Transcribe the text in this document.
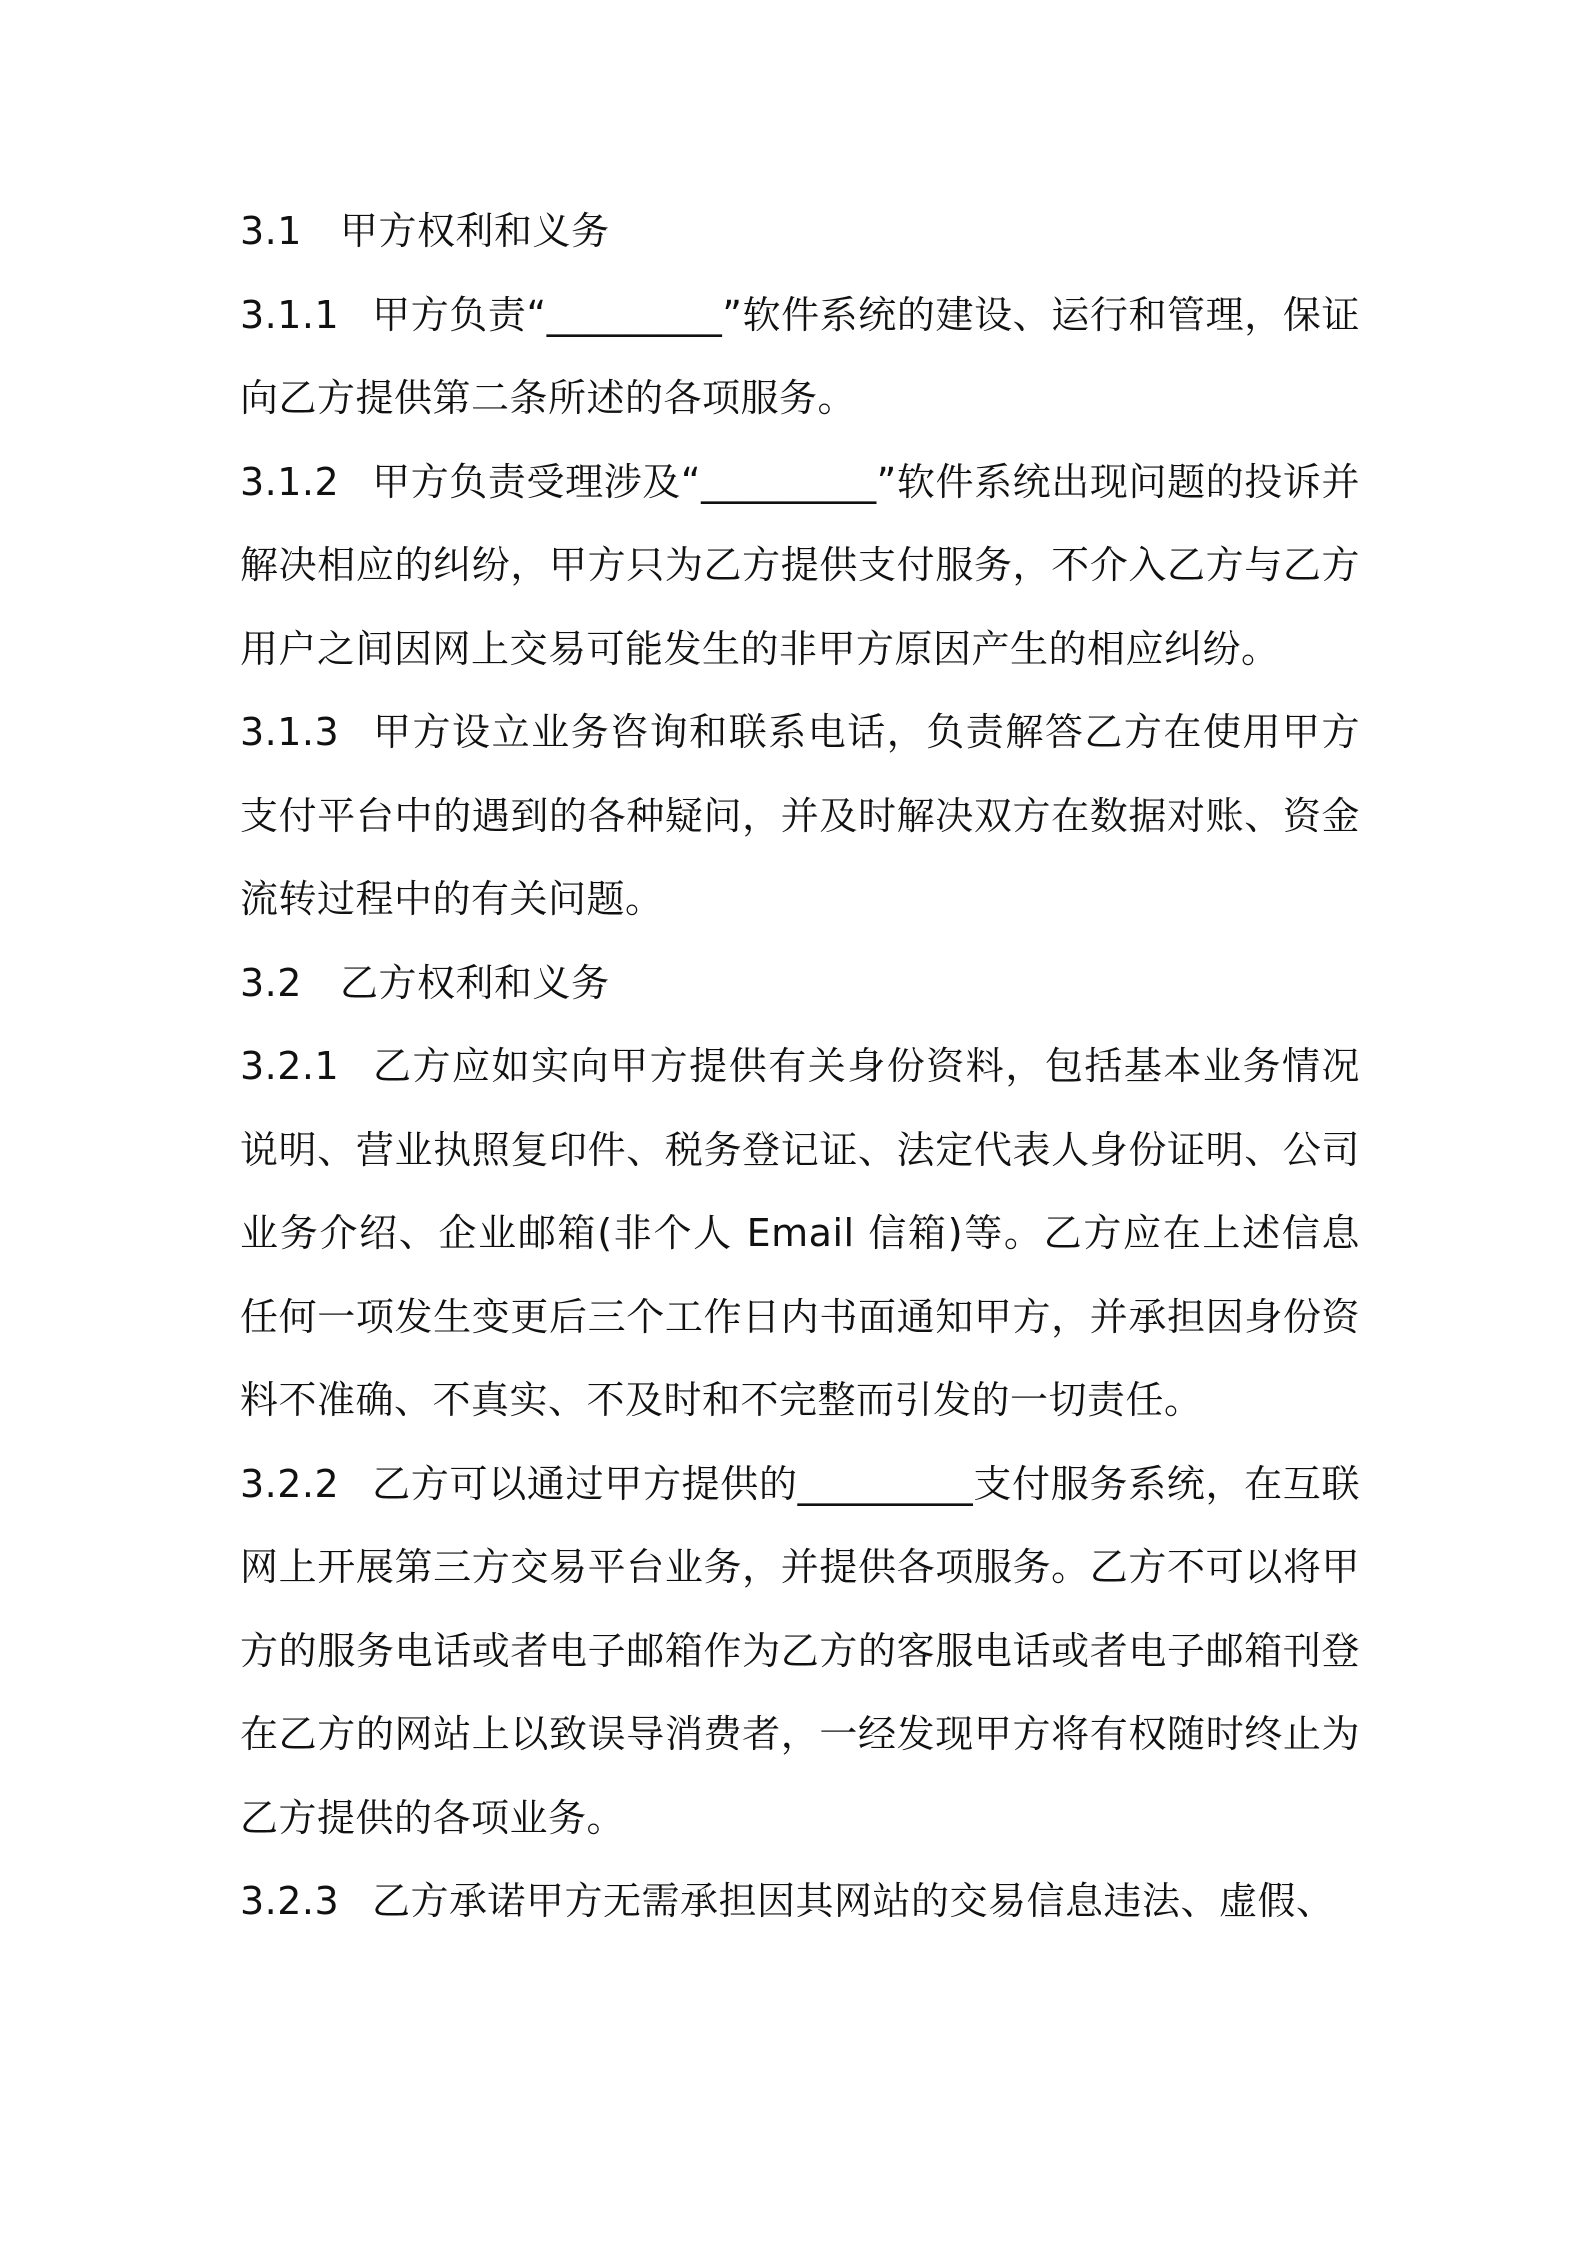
3.1 甲方权利和义务

3.1.1 甲方负责“_________”软件系统的建设、运行和管理，保证向乙方提供第二条所述的各项服务。

3.1.2 甲方负责受理涉及“_________”软件系统出现问题的投诉并解决相应的纠纷，甲方只为乙方提供支付服务，不介入乙方与乙方用户之间因网上交易可能发生的非甲方原因产生的相应纠纷。

3.1.3 甲方设立业务咨询和联系电话，负责解答乙方在使用甲方支付平台中的遇到的各种疑问，并及时解决双方在数据对账、资金流转过程中的有关问题。

3.2 乙方权利和义务

3.2.1 乙方应如实向甲方提供有关身份资料，包括基本业务情况说明、营业执照复印件、税务登记证、法定代表人身份证明、公司业务介绍、企业邮箱(非个人 Email 信箱)等。乙方应在上述信息任何一项发生变更后三个工作日内书面通知甲方，并承担因身份资料不准确、不真实、不及时和不完整而引发的一切责任。

3.2.2 乙方可以通过甲方提供的_________支付服务系统，在互联网上开展第三方交易平台业务，并提供各项服务。乙方不可以将甲方的服务电话或者电子邮箱作为乙方的客服电话或者电子邮箱刊登在乙方的网站上以致误导消费者，一经发现甲方将有权随时终止为乙方提供的各项业务。

3.2.3 乙方承诺甲方无需承担因其网站的交易信息违法、虚假、
